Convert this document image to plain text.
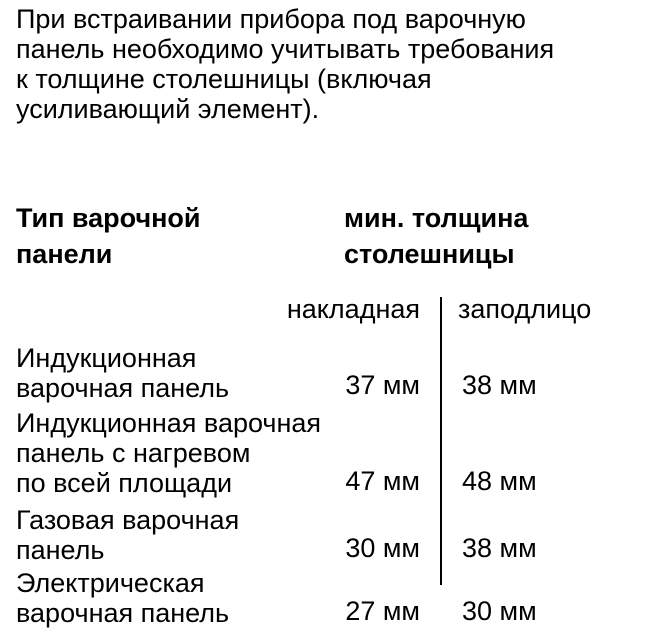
При встраивании прибора под варочную
панель необходимо учитывать требования
к толщине столешницы (включая
усиливающий элемент).
Тип варочной
панели
мин. толщина
столешницы
накладная заподлицо
Индукционная
варочная панель	37 мм 38 мм
Индукционная варочная
панель с нагревом
по всей площади	47 мм 48 мм
Газовая варочная
панель	30 мм 38 мм
Электрическая
варочная панель	27 мм 30 мм
